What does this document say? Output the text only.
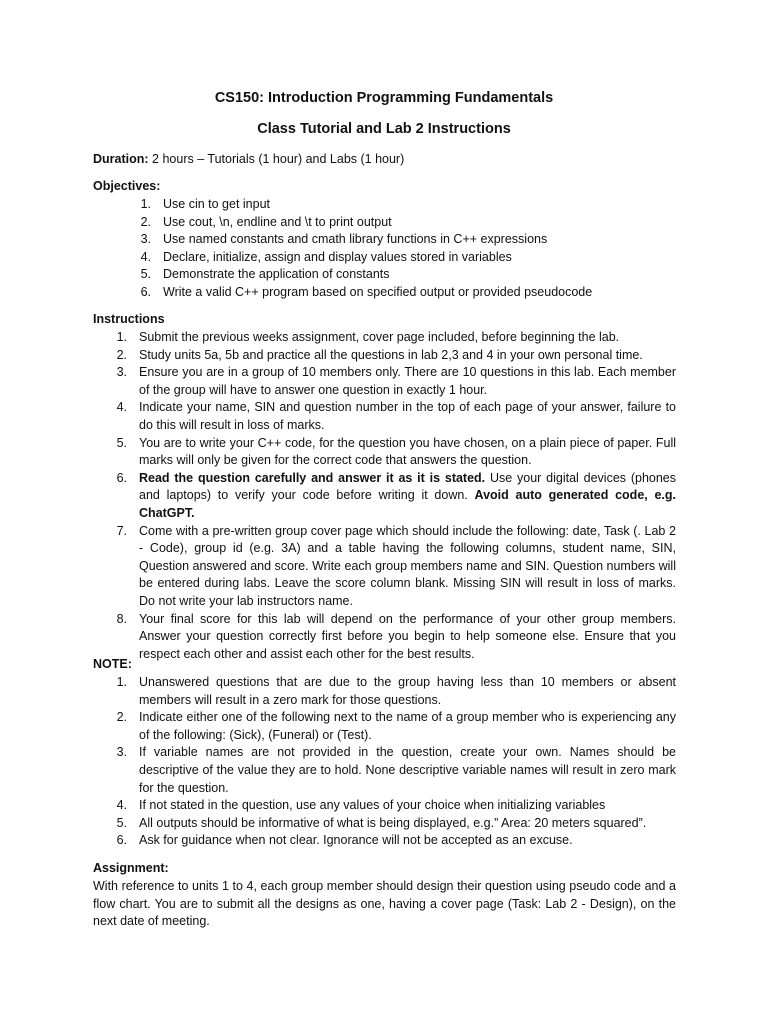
CS150: Introduction Programming Fundamentals
Class Tutorial and Lab 2 Instructions

Duration: 2 hours – Tutorials (1 hour) and Labs (1 hour)

Objectives:

1. Use cin to get input
2. Use cout, \n, endline and \t to print output
3. Use named constants and cmath library functions in C++ expressions
4. Declare, initialize, assign and display values stored in variables
5. Demonstrate the application of constants
6. Write a valid C++ program based on specified output or provided pseudocode

Instructions

1. Submit the previous weeks assignment, cover page included, before beginning the lab.
2. Study units 5a, 5b and practice all the questions in lab 2,3 and 4 in your own personal time.
3. Ensure you are in a group of 10 members only. There are 10 questions in this lab. Each member of the group will have to answer one question in exactly 1 hour.
4. Indicate your name, SIN and question number in the top of each page of your answer, failure to do this will result in loss of marks.
5. You are to write your C++ code, for the question you have chosen, on a plain piece of paper. Full marks will only be given for the correct code that answers the question.
6. Read the question carefully and answer it as it is stated. Use your digital devices (phones and laptops) to verify your code before writing it down. Avoid auto generated code, e.g. ChatGPT.
7. Come with a pre-written group cover page which should include the following: date, Task (. Lab 2 - Code), group id (e.g. 3A) and a table having the following columns, student name, SIN, Question answered and score. Write each group members name and SIN. Question numbers will be entered during labs. Leave the score column blank. Missing SIN will result in loss of marks. Do not write your lab instructors name.
8. Your final score for this lab will depend on the performance of your other group members. Answer your question correctly first before you begin to help someone else. Ensure that you respect each other and assist each other for the best results.

NOTE:

1. Unanswered questions that are due to the group having less than 10 members or absent members will result in a zero mark for those questions.
2. Indicate either one of the following next to the name of a group member who is experiencing any of the following: (Sick), (Funeral) or (Test).
3. If variable names are not provided in the question, create your own. Names should be descriptive of the value they are to hold. None descriptive variable names will result in zero mark for the question.
4. If not stated in the question, use any values of your choice when initializing variables
5. All outputs should be informative of what is being displayed, e.g.” Area: 20 meters squared”.
6. Ask for guidance when not clear. Ignorance will not be accepted as an excuse.

Assignment:

With reference to units 1 to 4, each group member should design their question using pseudo code and a flow chart. You are to submit all the designs as one, having a cover page (Task: Lab 2 - Design), on the next date of meeting.
